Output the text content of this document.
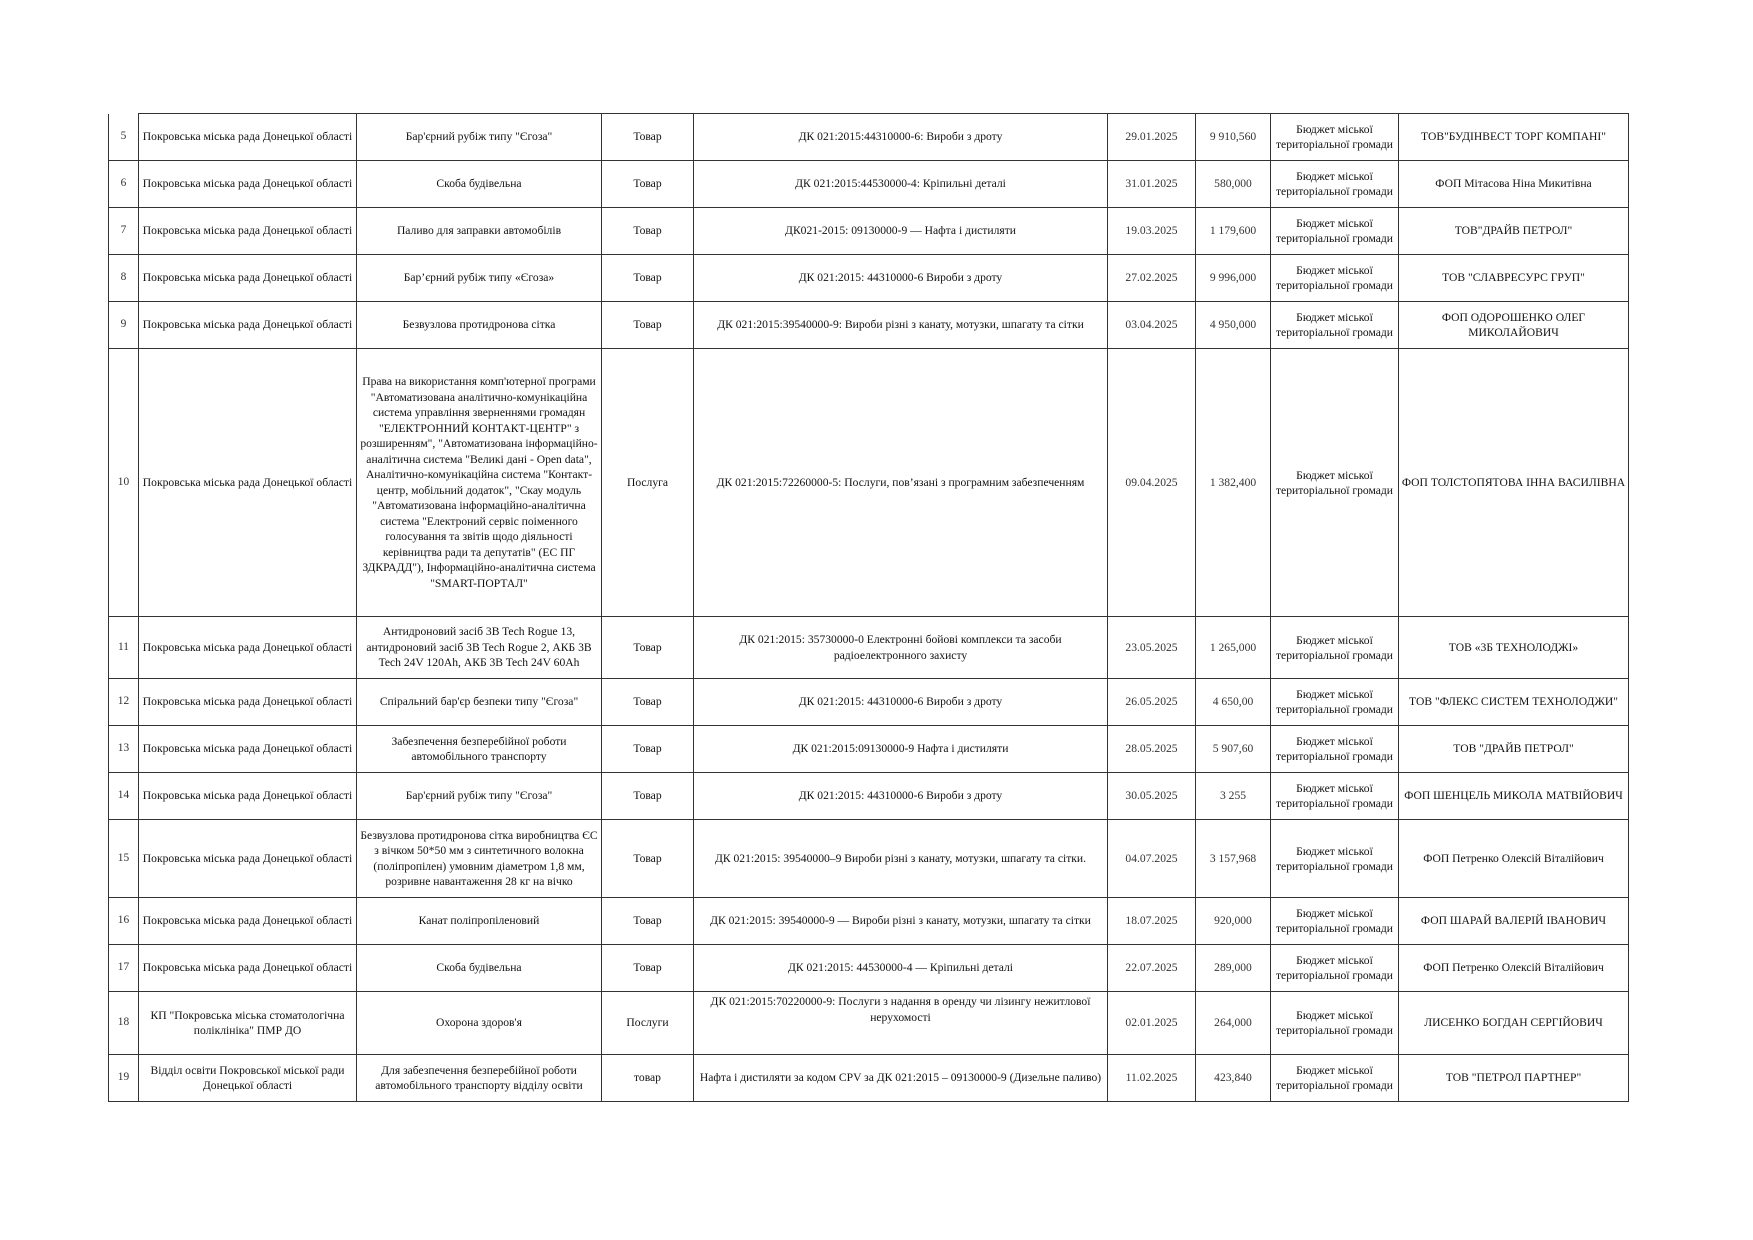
5	Покровська міська рада Донецької області	Бар'єрний рубіж типу "Єгоза"	Товар	ДК 021:2015:44310000-6: Вироби з дроту	29.01.2025	9 910,560	Бюджет міської територіальної громади	ТОВ"БУДІНВЕСТ ТОРГ КОМПАНІ"
6	Покровська міська рада Донецької області	Скоба будівельна	Товар	ДК 021:2015:44530000-4: Кріпильні деталі	31.01.2025	580,000	Бюджет міської територіальної громади	ФОП Мітасова Ніна Микитівна
7	Покровська міська рада Донецької області	Паливо для заправки автомобілів	Товар	ДК021-2015: 09130000-9 — Нафта і дистиляти	19.03.2025	1 179,600	Бюджет міської територіальної громади	ТОВ"ДРАЙВ ПЕТРОЛ"
8	Покровська міська рада Донецької області	Бар’єрний рубіж типу «Єгоза»	Товар	ДК 021:2015: 44310000-6 Вироби з дроту	27.02.2025	9 996,000	Бюджет міської територіальної громади	ТОВ "СЛАВРЕСУРС ГРУП"
9	Покровська міська рада Донецької області	Безвузлова протидронова сітка	Товар	ДК 021:2015:39540000-9: Вироби різні з канату, мотузки, шпагату та сітки	03.04.2025	4 950,000	Бюджет міської територіальної громади	ФОП ОДОРОШЕНКО ОЛЕГ МИКОЛАЙОВИЧ
10	Покровська міська рада Донецької області	Права на використання комп'ютерної програми "Автоматизована аналітично-комунікаційна система управління зверненнями громадян "ЕЛЕКТРОННИЙ КОНТАКТ-ЦЕНТР" з розширенням", "Автоматизована інформаційно- аналітична система "Великі дані - Open data", Аналітично-комунікаційна система "Контакт-центр, мобільний додаток", "Скау модуль "Автоматизована інформаційно-аналітична система "Електроний сервіс поіменного голосування та звітів щодо діяльності керівництва ради та депутатів" (ЕС ПГ ЗДКРАДД"), Інформаційно-аналітична система "SMART-ПОРТАЛ"	Послуга	ДК 021:2015:72260000-5: Послуги, пов’язані з програмним забезпеченням	09.04.2025	1 382,400	Бюджет міської територіальної громади	ФОП ТОЛСТОПЯТОВА ІННА ВАСИЛІВНА
11	Покровська міська рада Донецької області	Антидроновий засіб 3B Tech Rogue 13, антидроновий засіб 3B Tech Rogue 2, АКБ 3B Tech 24V 120Ah, АКБ 3B Tech 24V 60Ah	Товар	ДК 021:2015: 35730000-0 Електронні бойові комплекси та засоби радіоелектронного захисту	23.05.2025	1 265,000	Бюджет міської територіальної громади	ТОВ «3Б ТЕХНОЛОДЖІ»
12	Покровська міська рада Донецької області	Спіральний бар'єр безпеки типу "Єгоза"	Товар	ДК 021:2015: 44310000-6 Вироби з дроту	26.05.2025	4 650,00	Бюджет міської територіальної громади	ТОВ "ФЛЕКС СИСТЕМ ТЕХНОЛОДЖИ"
13	Покровська міська рада Донецької області	Забезпечення безперебійної роботи автомобільного транспорту	Товар	ДК 021:2015:09130000-9 Нафта і дистиляти	28.05.2025	5 907,60	Бюджет міської територіальної громади	ТОВ "ДРАЙВ ПЕТРОЛ"
14	Покровська міська рада Донецької області	Бар'єрний рубіж типу "Єгоза"	Товар	ДК 021:2015: 44310000-6 Вироби з дроту	30.05.2025	3 255	Бюджет міської територіальної громади	ФОП ШЕНЦЕЛЬ МИКОЛА МАТВІЙОВИЧ
15	Покровська міська рада Донецької області	Безвузлова протидронова сітка виробництва ЄС з вічком 50*50 мм з синтетичного волокна (поліпропілен) умовним діаметром 1,8 мм, розривне навантаження 28 кг на вічко	Товар	ДК 021:2015: 39540000–9 Вироби різні з канату, мотузки, шпагату та сітки.	04.07.2025	3 157,968	Бюджет міської територіальної громади	ФОП Петренко Олексій Віталійович
16	Покровська міська рада Донецької області	Канат поліпропіленовий	Товар	ДК 021:2015: 39540000-9 — Вироби різні з канату, мотузки, шпагату та сітки	18.07.2025	920,000	Бюджет міської територіальної громади	ФОП ШАРАЙ ВАЛЕРІЙ ІВАНОВИЧ
17	Покровська міська рада Донецької області	Скоба будівельна	Товар	ДК 021:2015: 44530000-4 — Кріпильні деталі	22.07.2025	289,000	Бюджет міської територіальної громади	ФОП Петренко Олексій Віталійович
18	КП "Покровська міська стоматологічна поліклініка" ПМР ДО	Охорона здоров'я	Послуги	ДК 021:2015:70220000-9: Послуги з надання в оренду чи лізингу нежитлової нерухомості	02.01.2025	264,000	Бюджет міської територіальної громади	ЛИСЕНКО БОГДАН СЕРГІЙОВИЧ
19	Відділ освіти Покровської міської ради Донецької області	Для забезпечення безперебійної роботи автомобільного транспорту відділу освіти	товар	Нафта і дистиляти за кодом CPV за ДК 021:2015 – 09130000-9 (Дизельне паливо)	11.02.2025	423,840	Бюджет міської територіальної громади	ТОВ "ПЕТРОЛ ПАРТНЕР"
